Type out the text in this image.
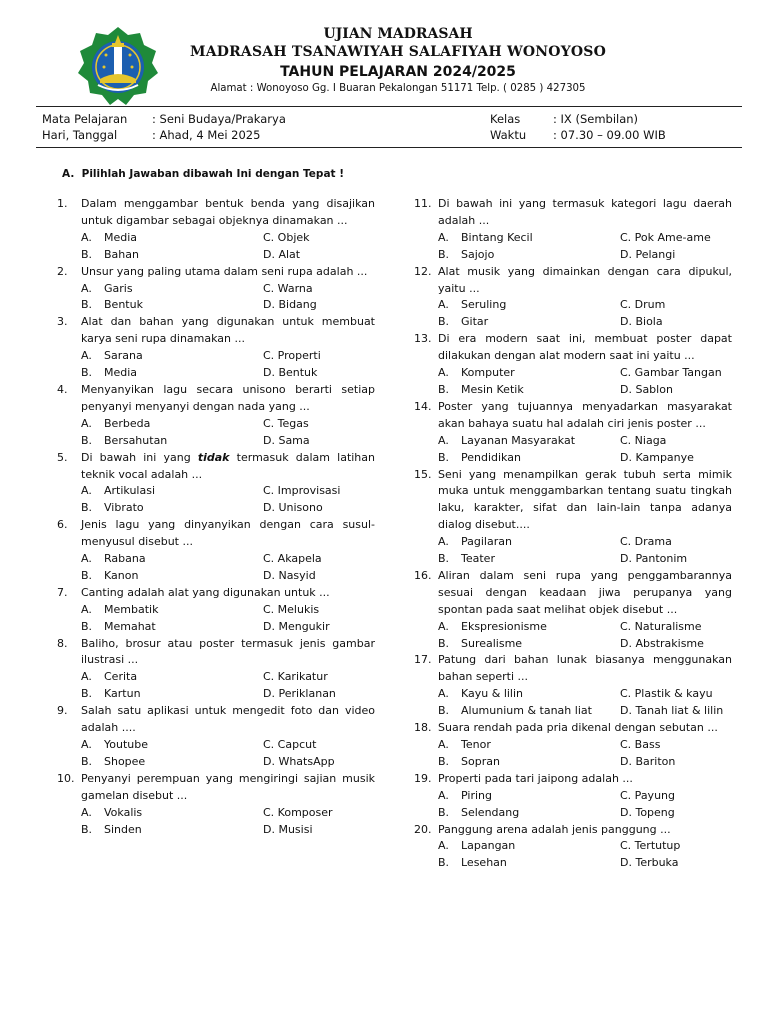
UJIAN MADRASAH
MADRASAH TSANAWIYAH SALAFIYAH WONOYOSO
TAHUN PELAJARAN 2024/2025
Alamat : Wonoyoso Gg. I Buaran Pekalongan 51171 Telp. ( 0285 ) 427305
Mata Pelajaran : Seni Budaya/Prakarya
Hari, Tanggal	: Ahad, 4 Mei 2025
Kelas	: IX (Sembilan)
Waktu : 07.30 – 09.00 WIB
A. Pilihlah Jawaban dibawah Ini dengan Tepat !
1.	Dalam menggambar bentuk benda yang disajikan untuk digambar sebagai objeknya dinamakan ...
A.	Media	C. Objek
B.	Bahan	D. Alat
2.	Unsur yang paling utama dalam seni rupa adalah ...
A.	Garis	C. Warna
B.	Bentuk	D. Bidang
3.	Alat dan bahan yang digunakan untuk membuat karya seni rupa dinamakan ...
A.	Sarana	C. Properti
B.	Media	D. Bentuk
4.	Menyanyikan lagu secara unisono berarti setiap penyanyi menyanyi dengan nada yang ...
A.	Berbeda	C. Tegas
B.	Bersahutan	D. Sama
5.	Di bawah ini yang tidak termasuk dalam latihan teknik vocal adalah ...
A.	Artikulasi	C. Improvisasi
B.	Vibrato	D. Unisono
6.	Jenis lagu yang dinyanyikan dengan cara susul-menyusul disebut ...
A.	Rabana	C. Akapela
B.	Kanon	D. Nasyid
7.	Canting adalah alat yang digunakan untuk ...
A.	Membatik	C. Melukis
B.	Memahat	D. Mengukir
8.	Baliho, brosur atau poster termasuk jenis gambar ilustrasi ...
A.	Cerita	C. Karikatur
B.	Kartun	D. Periklanan
9.	Salah satu aplikasi untuk mengedit foto dan video adalah ....
A.	Youtube	C. Capcut
B.	Shopee	D. WhatsApp
10. Penyanyi perempuan yang mengiringi sajian musik gamelan disebut ...
A.	Vokalis	C. Komposer
B.	Sinden	D. Musisi
11. Di bawah ini yang termasuk kategori lagu daerah adalah ...
A.	Bintang Kecil	C. Pok Ame-ame
B.	Sajojo	D. Pelangi
12. Alat musik yang dimainkan dengan cara dipukul, yaitu ...
A.	Seruling	C. Drum
B.	Gitar	D. Biola
13. Di era modern saat ini, membuat poster dapat dilakukan dengan alat modern saat ini yaitu ...
A.	Komputer	C. Gambar Tangan
B.	Mesin Ketik	D. Sablon
14. Poster yang tujuannya menyadarkan masyarakat akan bahaya suatu hal adalah ciri jenis poster ...
A.	Layanan Masyarakat	C. Niaga
B.	Pendidikan	D. Kampanye
15. Seni yang menampilkan gerak tubuh serta mimik muka untuk menggambarkan tentang suatu tingkah laku, karakter, sifat dan lain-lain tanpa adanya dialog disebut....
A.	Pagilaran	C. Drama
B.	Teater	D. Pantonim
16. Aliran dalam seni rupa yang penggambarannya sesuai dengan keadaan jiwa perupanya yang spontan pada saat melihat objek disebut ...
A.	Ekspresionisme	C. Naturalisme
B.	Surealisme	D. Abstrakisme
17. Patung dari bahan lunak biasanya menggunakan bahan seperti ...
A.	Kayu & lilin	C. Plastik & kayu
B.	Alumunium & tanah liat	D. Tanah liat & lilin
18. Suara rendah pada pria dikenal dengan sebutan ...
A.	Tenor	C. Bass
B.	Sopran	D. Bariton
19. Properti pada tari jaipong adalah ...
A.	Piring	C. Payung
B.	Selendang	D. Topeng
20. Panggung arena adalah jenis panggung ...
A.	Lapangan	C. Tertutup
B.	Lesehan	D. Terbuka
